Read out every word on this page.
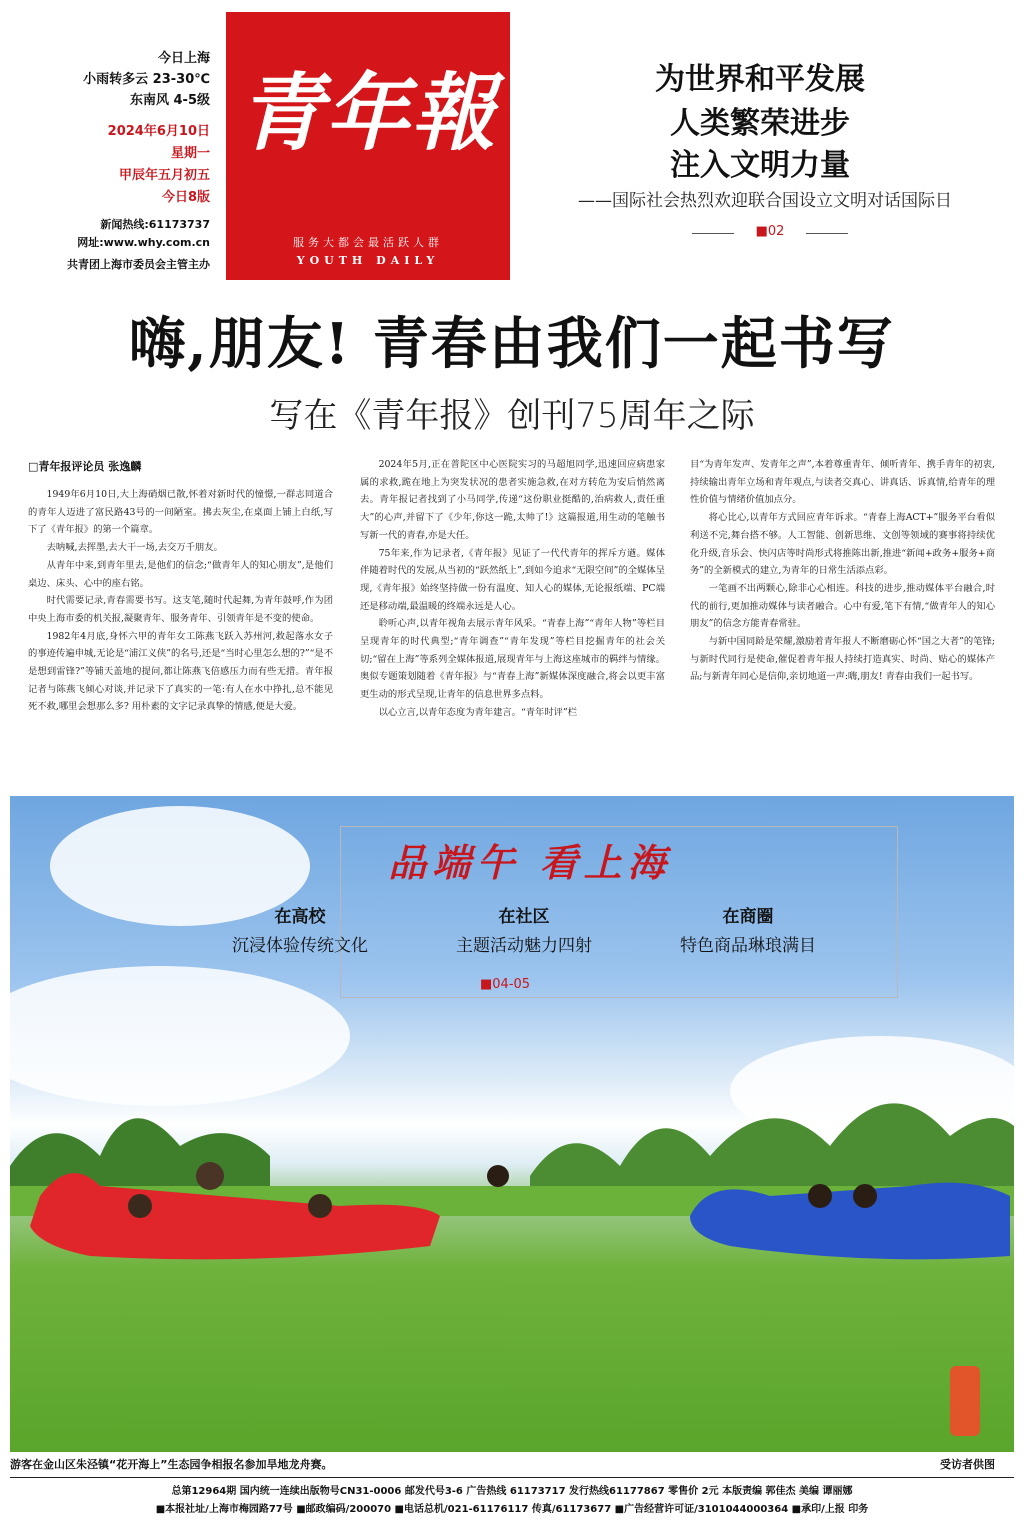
今日上海
小雨转多云 23-30℃
东南风 4-5级
2024年6月10日
星期一
甲辰年五月初五
今日8版
新闻热线:61173737
网址:www.why.com.cn
共青团上海市委员会主管主办
青年報
服务大都会最活跃人群
YOUTH DAILY
为世界和平发展
人类繁荣进步
注入文明力量
——国际社会热烈欢迎联合国设立文明对话国际日
■02
嗨,朋友! 青春由我们一起书写
写在《青年报》创刊75周年之际
□青年报评论员 张逸麟

1949年6月10日,大上海硝烟已散,怀着对新时代的憧憬,一群志同道合的青年人迈进了富民路43号的一间陋室。拂去灰尘,在桌面上铺上白纸,写下了《青年报》的第一个篇章。

去呐喊,去挥墨,去大干一场,去交万千朋友。

从青年中来,到青年里去,是他们的信念;“做青年人的知心朋友”,是他们桌边、床头、心中的座右铭。

时代需要记录,青春需要书写。这支笔,随时代起舞,为青年鼓呼,作为团中央上海市委的机关报,凝聚青年、服务青年、引领青年是不变的使命。

1982年4月底,身怀六甲的青年女工陈燕飞跃入苏州河,救起落水女子的事迹传遍申城,无论是“浦江义侠”的名号,还是“当时心里怎么想的?”“是不是想到雷锋?”等铺天盖地的提问,都让陈燕飞倍感压力而有些无措。青年报记者与陈燕飞倾心对谈,并记录下了真实的一笔:有人在水中挣扎,总不能见死不救,哪里会想那么多? 用朴素的文字记录真挚的情感,便是大爱。

2024年5月,正在普陀区中心医院实习的马超旭同学,迅速回应病患家属的求救,跪在地上为突发状况的患者实施急救,在对方转危为安后悄然离去。青年报记者找到了小马同学,传递“这份职业挺酷的,治病救人,责任重大”的心声,并留下了《少年,你这一跪,太帅了!》这篇报道,用生动的笔触书写新一代的青春,亦是大任。

75年来,作为记录者,《青年报》见证了一代代青年的挥斥方遒。媒体伴随着时代的发展,从当初的“跃然纸上”,到如今追求“无限空间”的全媒体呈现,《青年报》始终坚持做一份有温度、知人心的媒体,无论报纸端、PC端还是移动端,最温暖的终端永远是人心。

聆听心声,以青年视角去展示青年风采。“青春上海”“青年人物”等栏目呈现青年的时代典型;“青年调查”“青年发现”等栏目挖掘青年的社会关切;“留在上海”等系列全媒体报道,展现青年与上海这座城市的羁绊与情缘。 奥似专题策划随着《青年报》与“青春上海”新媒体深度融合,将会以更丰富更生动的形式呈现,让青年的信息世界多点料。

以心立言,以青年态度为青年建言。“青年时评”栏

目“为青年发声、发青年之声”,本着尊重青年、倾听青年、携手青年的初衷,持续输出青年立场和青年观点,与读者交真心、讲真话、诉真情,给青年的理性价值与情绪价值加点分。

将心比心,以青年方式回应青年诉求。“青春上海ACT+”服务平台看似利送不完,舞台搭不够。人工智能、创新思维、文创等领域的赛事将持续优化升级,音乐会、快闪店等时尚形式将推陈出新,推进“新闻+政务+服务+商务”的全新模式的建立,为青年的日常生活添点彩。

一笔画不出两颗心,除非心心相连。科技的进步,推动媒体平台融合,时代的前行,更加推动媒体与读者融合。心中有爱,笔下有情,“做青年人的知心朋友”的信念方能青春常驻。

与新中国同龄是荣耀,激励着青年报人不断磨砺心怀“国之大者”的笔锋;与新时代同行是使命,催促着青年报人持续打造真实、时尚、贴心的媒体产品;与新青年同心是信仰,亲切地道一声:嗨,朋友! 青春由我们一起书写。

品端午 看上海
在高校
沉浸体验传统文化
在社区
主题活动魅力四射
在商圈
特色商品琳琅满目
■04-05
游客在金山区朱泾镇“花开海上”生态园争相报名参加旱地龙舟赛。	受访者供图
总第12964期 国内统一连续出版物号CN31-0006 邮发代号3-6 广告热线 61173717 发行热线61177867 零售价 2元 本版责编 郭佳杰 美编 谭丽娜
■本报社址/上海市梅园路77号 ■邮政编码/200070 ■电话总机/021-61176117 传真/61173677 ■广告经营许可证/3101044000364 ■承印/上报 印务
